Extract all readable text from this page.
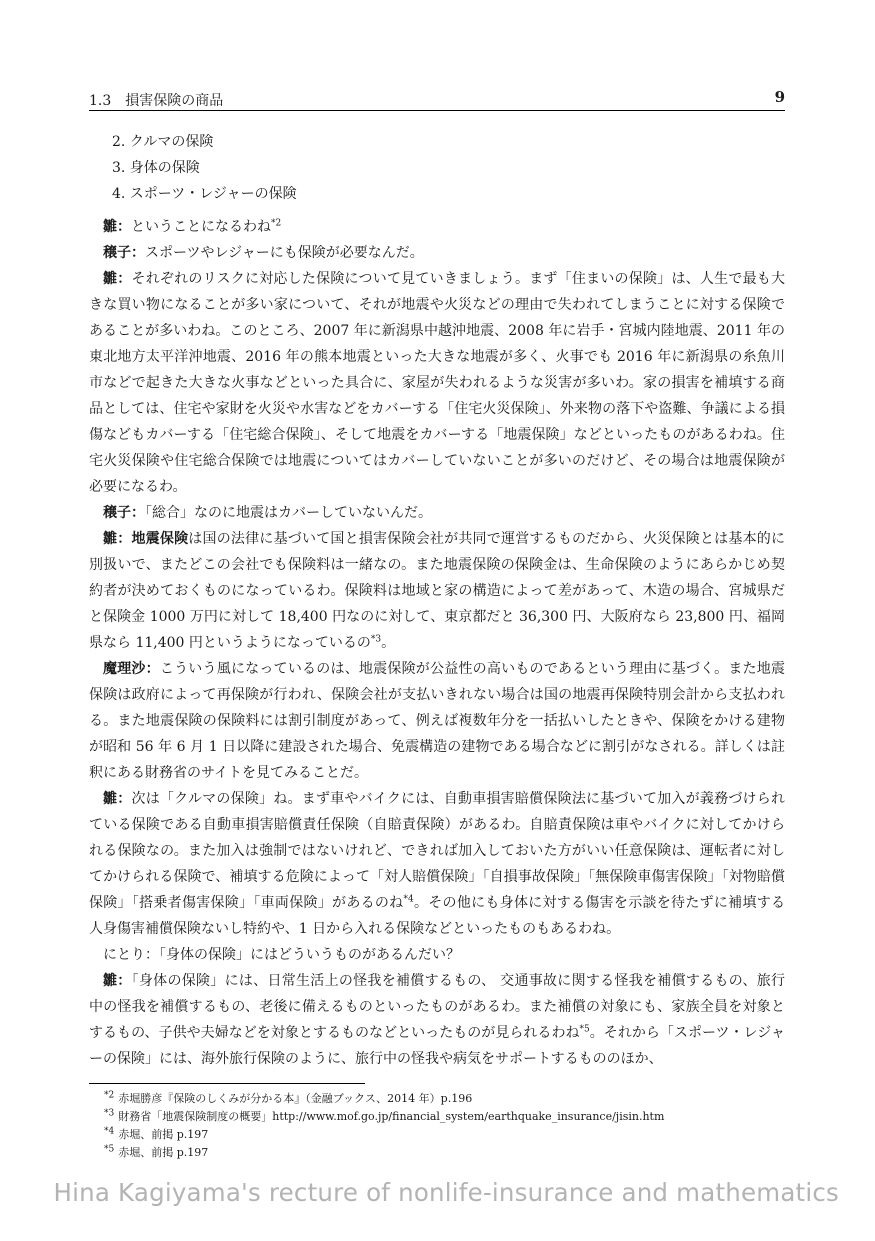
1.3　損害保険の商品	9
2. クルマの保険
3. 身体の保険
4. スポーツ・レジャーの保険

雛：ということになるわね$^{*2}$

穣子：スポーツやレジャーにも保険が必要なんだ。

雛：それぞれのリスクに対応した保険について見ていきましょう。まず「住まいの保険」は、人生で最も大きな買い物になることが多い家について、それが地震や火災などの理由で失われてしまうことに対する保険であることが多いわね。このところ、2007 年に新潟県中越沖地震、2008 年に岩手・宮城内陸地震、2011 年の東北地方太平洋沖地震、2016 年の熊本地震といった大きな地震が多く、火事でも 2016 年に新潟県の糸魚川市などで起きた大きな火事などといった具合に、家屋が失われるような災害が多いわ。家の損害を補填する商品としては、住宅や家財を火災や水害などをカバーする「住宅火災保険」、外来物の落下や盗難、争議による損傷などもカバーする「住宅総合保険」、そして地震をカバーする「地震保険」などといったものがあるわね。住宅火災保険や住宅総合保険では地震についてはカバーしていないことが多いのだけど、その場合は地震保険が必要になるわ。

穣子：「総合」なのに地震はカバーしていないんだ。

雛：地震保険は国の法律に基づいて国と損害保険会社が共同で運営するものだから、火災保険とは基本的に別扱いで、またどこの会社でも保険料は一緒なの。また地震保険の保険金は、生命保険のようにあらかじめ契約者が決めておくものになっているわ。保険料は地域と家の構造によって差があって、木造の場合、宮城県だと保険金 1000 万円に対して 18,400 円なのに対して、東京都だと 36,300 円、大阪府なら 23,800 円、福岡県なら 11,400 円というようになっているの$^{*3}$。

魔理沙：こういう風になっているのは、地震保険が公益性の高いものであるという理由に基づく。また地震保険は政府によって再保険が行われ、保険会社が支払いきれない場合は国の地震再保険特別会計から支払われる。また地震保険の保険料には割引制度があって、例えば複数年分を一括払いしたときや、保険をかける建物が昭和 56 年 6 月 1 日以降に建設された場合、免震構造の建物である場合などに割引がなされる。詳しくは註釈にある財務省のサイトを見てみることだ。

雛：次は「クルマの保険」ね。まず車やバイクには、自動車損害賠償保険法に基づいて加入が義務づけられている保険である自動車損害賠償責任保険（自賠責保険）があるわ。自賠責保険は車やバイクに対してかけられる保険なの。また加入は強制ではないけれど、できれば加入しておいた方がいい任意保険は、運転者に対してかけられる保険で、補填する危険によって「対人賠償保険」「自損事故保険」「無保険車傷害保険」「対物賠償保険」「搭乗者傷害保険」「車両保険」があるのね$^{*4}$。その他にも身体に対する傷害を示談を待たずに補填する人身傷害補償保険ないし特約や、1 日から入れる保険などといったものもあるわね。

にとり：「身体の保険」にはどういうものがあるんだい？

雛：「身体の保険」には、日常生活上の怪我を補償するもの、 交通事故に関する怪我を補償するもの、旅行中の怪我を補償するもの、老後に備えるものといったものがあるわ。また補償の対象にも、家族全員を対象とするもの、子供や夫婦などを対象とするものなどといったものが見られるわね$^{*5}$。それから「スポーツ・レジャーの保険」には、海外旅行保険のように、旅行中の怪我や病気をサポートするもののほか、

$^{*2}$ 赤堀勝彦『保険のしくみが分かる本』（金融ブックス、2014 年）p.196
$^{*3}$ 財務省「地震保険制度の概要」http://www.mof.go.jp/financial_system/earthquake_insurance/jisin.htm
$^{*4}$ 赤堀、前掲 p.197
$^{*5}$ 赤堀、前掲 p.197
Hina Kagiyama's recture of nonlife-insurance and mathematics
